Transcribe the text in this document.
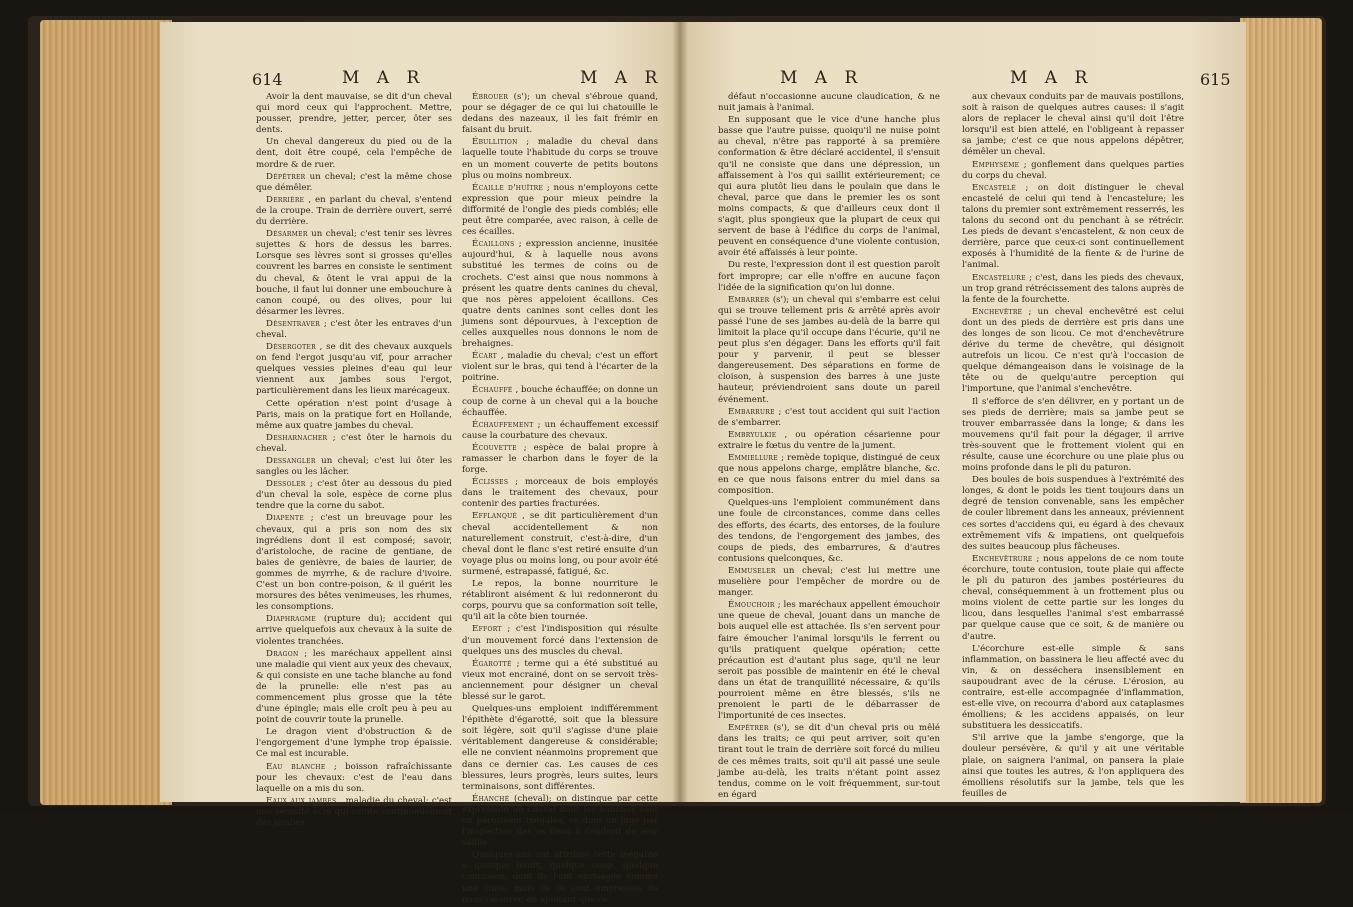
614	M A R	M A R

Avoir la dent mauvaise, se dit d'un cheval qui mord ceux qui l'approchent. Mettre, pousser, prendre, jetter, percer, ôter ses dents.

Un cheval dangereux du pied ou de la dent, doit être coupé, cela l'empêche de mordre & de ruer.

Dépêtrer un cheval; c'est la même chose que démêler.

Derrière , en parlant du cheval, s'entend de la croupe. Train de derrière ouvert, serré du derrière.

Désarmer un cheval; c'est tenir ses lèvres sujettes & hors de dessus les barres. Lorsque ses lèvres sont si grosses qu'elles couvrent les barres en consiste le sentiment du cheval, & ôtent le vrai appui de la bouche, il faut lui donner une embouchure à canon coupé, ou des olives, pour lui désarmer les lèvres.

Désentraver ; c'est ôter les entraves d'un cheval.

Désergoter , se dit des chevaux auxquels on fend l'ergot jusqu'au vif, pour arracher quelques vessies pleines d'eau qui leur viennent aux jambes sous l'ergot, particulièrement dans les lieux marécageux.

Cette opération n'est point d'usage à Paris, mais on la pratique fort en Hollande, même aux quatre jambes du cheval.

Desharnacher ; c'est ôter le harnois du cheval.

Dessangler un cheval; c'est lui ôter les sangles ou les lâcher.

Dessoler ; c'est ôter au dessous du pied d'un cheval la sole, espèce de corne plus tendre que la corne du sabot.

Diapente ; c'est un breuvage pour les chevaux, qui a pris son nom des six ingrédiens dont il est composé; savoir, d'aristoloche, de racine de gentiane, de baies de genièvre, de baies de laurier, de gommes de myrrhe, & de raclure d'ivoire. C'est un bon contre-poison, & il guérit les morsures des bêtes venimeuses, les rhumes, les consomptions.

Diaphragme (rupture du); accident qui arrive quelquefois aux chevaux à la suite de violentes tranchées.

Dragon ; les maréchaux appellent ainsi une maladie qui vient aux yeux des chevaux, & qui consiste en une tache blanche au fond de la prunelle: elle n'est pas au commencement plus grosse que la tête d'une épingle; mais elle croît peu à peu au point de couvrir toute la prunelle.

Le dragon vient d'obstruction & de l'engorgement d'une lymphe trop épaissie. Ce mal est incurable.

Eau blanche ; boisson rafraîchissante pour les chevaux: c'est de l'eau dans laquelle on a mis du son.

Eaux aux jambes , maladie du cheval; c'est une sérosité âcre qui suinte continuellement des jambes.

Ébrouer (s'); un cheval s'ébroue quand, pour se dégager de ce qui lui chatouille le dedans des nazeaux, il les fait frémir en faisant du bruit.

Ébullition ; maladie du cheval dans laquelle toute l'habitude du corps se trouve en un moment couverte de petits boutons plus ou moins nombreux.

Écaille d'huître ; nous n'employons cette expression que pour mieux peindre la difformité de l'ongle des pieds comblés; elle peut être comparée, avec raison, à celle de ces écailles.

Écaillons ; expression ancienne, inusitée aujourd'hui, & à laquelle nous avons substitué les termes de coins ou de crochets. C'est ainsi que nous nommons à présent les quatre dents canines du cheval, que nos pères appeloient écaillons. Ces quatre dents canines sont celles dont les jumens sont dépourvues, à l'exception de celles auxquelles nous donnons le nom de brehaignes.

Écart , maladie du cheval; c'est un effort violent sur le bras, qui tend à l'écarter de la poitrine.

Échauffé , bouche échauffée; on donne un coup de corne à un cheval qui a la bouche échauffée.

Échauffement ; un échauffement excessif cause la courbature des chevaux.

Écouvette ; espèce de balai propre à ramasser le charbon dans le foyer de la forge.

Éclisses ; morceaux de bois employés dans le traitement des chevaux, pour contenir des parties fracturées.

Efflanqué , se dit particulièrement d'un cheval accidentellement & non naturellement construit, c'est-à-dire, d'un cheval dont le flanc s'est retiré ensuite d'un voyage plus ou moins long, ou pour avoir été surmené, estrapassé, fatigué, &c.

Le repos, la bonne nourriture le rétabliront aisément & lui redonneront du corps, pourvu que sa conformation soit telle, qu'il ait la côte bien tournée.

Effort ; c'est l'indisposition qui résulte d'un mouvement forcé dans l'extension de quelques uns des muscles du cheval.

Égarotté ; terme qui a été substitué au vieux mot encrainé, dont on se servoit très-anciennement pour désigner un cheval blessé sur le garot.

Quelques-uns emploient indifféremment l'épithète d'égarotté, soit que la blessure soit légère, soit qu'il s'agisse d'une plaie véritablement dangereuse & considérable; elle ne convient néanmoins proprement que dans ce dernier cas. Les causes de ces blessures, leurs progrès, leurs suites, leurs terminaisons, sont différentes.

Éhanché (cheval); on distingue par cette expression un cheval dont les hanches sont ou paroissent inégales, ce dont on juge par l'inspection des os iléon à l'endroit de leur saillie.

Quelques-uns ont attribué cette inégalité à quelque heurt, quelque coup, quelque contusion; dont ils l'ont envisagée comme une suite; mais ils se sont empressés de nous rassurer, en ajoutant que ce

M A R	M A R	615

défaut n'occasionne aucune claudication, & ne nuit jamais à l'animal.

En supposant que le vice d'une hanche plus basse que l'autre puisse, quoiqu'il ne nuise point au cheval, n'être pas rapporté à sa première conformation & être déclaré accidentel, il s'ensuit qu'il ne consiste que dans une dépression, un affaissement à l'os qui saillit extérieurement; ce qui aura plutôt lieu dans le poulain que dans le cheval, parce que dans le premier les os sont moins compacts, & que d'ailleurs ceux dont il s'agit, plus spongieux que la plupart de ceux qui servent de base à l'édifice du corps de l'animal, peuvent en conséquence d'une violente contusion, avoir été affaissés à leur pointe.

Du reste, l'expression dont il est question paroît fort impropre; car elle n'offre en aucune façon l'idée de la signification qu'on lui donne.

Embarrer (s'); un cheval qui s'embarre est celui qui se trouve tellement pris & arrêté après avoir passé l'une de ses jambes au-delà de la barre qui limitoit la place qu'il occupe dans l'écurie, qu'il ne peut plus s'en dégager. Dans les efforts qu'il fait pour y parvenir, il peut se blesser dangereusement. Des séparations en forme de cloison, à suspension des barres à une juste hauteur, préviendroient sans doute un pareil événement.

Embarrure ; c'est tout accident qui suit l'action de s'embarrer.

Embryulkie , ou opération césarienne pour extraire le fœtus du ventre de la jument.

Emmiellure ; remède topique, distingué de ceux que nous appelons charge, emplâtre blanche, &c. en ce que nous faisons entrer du miel dans sa composition.

Quelques-uns l'emploient communément dans une foule de circonstances, comme dans celles des efforts, des écarts, des entorses, de la foulure des tendons, de l'engorgement des jambes, des coups de pieds, des embarrures, & d'autres contusions quelconques, &c.

Emmuseler un cheval; c'est lui mettre une muselière pour l'empêcher de mordre ou de manger.

Émouchoir ; les maréchaux appellent émouchoir une queue de cheval, jouant dans un manche de bois auquel elle est attachée. Ils s'en servent pour faire émoucher l'animal lorsqu'ils le ferrent ou qu'ils pratiquent quelque opération; cette précaution est d'autant plus sage, qu'il ne leur seroit pas possible de maintenir en été le cheval dans un état de tranquillité nécessaire, & qu'ils pourroient même en être blessés, s'ils ne prenoient le parti de le débarrasser de l'importunité de ces insectes.

Empêtrer (s'), se dit d'un cheval pris ou mêlé dans les traits; ce qui peut arriver, soit qu'en tirant tout le train de derrière soit forcé du milieu de ces mêmes traits, soit qu'il ait passé une seule jambe au-delà, les traits n'étant point assez tendus, comme on le voit fréquemment, sur-tout en égard

aux chevaux conduits par de mauvais postillons, soit à raison de quelques autres causes: il s'agit alors de replacer le cheval ainsi qu'il doit l'être lorsqu'il est bien attelé, en l'obligeant à repasser sa jambe; c'est ce que nous appelons dépêtrer, démêler un cheval.

Emphysème ; gonflement dans quelques parties du corps du cheval.

Encastelé ; on doit distinguer le cheval encastelé de celui qui tend à l'encastelure; les talons du premier sont extrêmement resserrés, les talons du second ont du penchant à se rétrécir. Les pieds de devant s'encastelent, & non ceux de derrière, parce que ceux-ci sont continuellement exposés à l'humidité de la fiente & de l'urine de l'animal.

Encastelure ; c'est, dans les pieds des chevaux, un trop grand rétrécissement des talons auprès de la fente de la fourchette.

Enchevêtré ; un cheval enchevêtré est celui dont un des pieds de derrière est pris dans une des longes de son licou. Ce mot d'enchevêtrure dérive du terme de chevêtre, qui désignoit autrefois un licou. Ce n'est qu'à l'occasion de quelque démangeaison dans le voisinage de la tête ou de quelqu'autre perception qui l'importune, que l'animal s'enchevêtre.

Il s'efforce de s'en délivrer, en y portant un de ses pieds de derrière; mais sa jambe peut se trouver embarrassée dans la longe; & dans les mouvemens qu'il fait pour la dégager, il arrive très-souvent que le frottement violent qui en résulte, cause une écorchure ou une plaie plus ou moins profonde dans le pli du paturon.

Des boules de bois suspendues à l'extrémité des longes, & dont le poids les tient toujours dans un degré de tension convenable, sans les empêcher de couler librement dans les anneaux, préviennent ces sortes d'accidens qui, eu égard à des chevaux extrêmement vifs & impatiens, ont quelquefois des suites beaucoup plus fâcheuses.

Enchevêtrure ; nous appelons de ce nom toute écorchure, toute contusion, toute plaie qui affecte le pli du paturon des jambes postérieures du cheval, conséquemment à un frottement plus ou moins violent de cette partie sur les longes du licou, dans lesquelles l'animal s'est embarrassé par quelque cause que ce soit, & de manière ou d'autre.

L'écorchure est-elle simple & sans inflammation, on bassinera le lieu affecté avec du vin, & on desséchera insensiblement en saupoudrant avec de la céruse. L'érosion, au contraire, est-elle accompagnée d'inflammation, est-elle vive, on recourra d'abord aux cataplasmes émolliens; & les accidens appaisés, on leur substituera les dessiccatifs.

S'il arrive que la jambe s'engorge, que la douleur persévère, & qu'il y ait une véritable plaie, on saignera l'animal, on pansera la plaie ainsi que toutes les autres, & l'on appliquera des émolliens résolutifs sur la jambe, tels que les feuilles de
